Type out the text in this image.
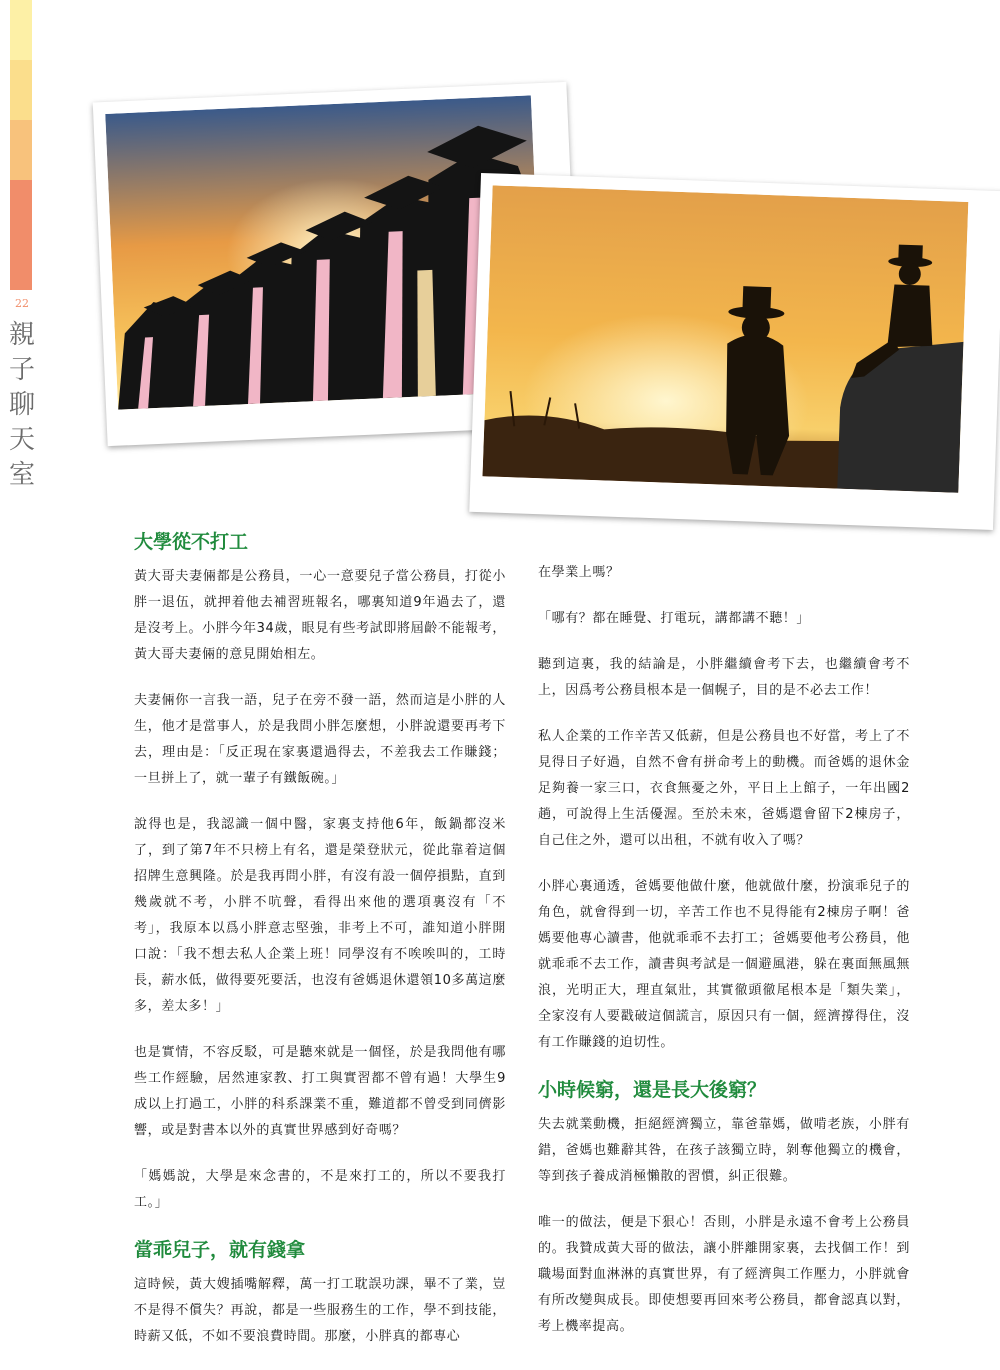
22
親子聊天室
大學從不打工

黃大哥夫妻倆都是公務員，一心一意要兒子當公務員，打從小胖一退伍，就押着他去補習班報名，哪裏知道9年過去了，還是沒考上。小胖今年34歲，眼見有些考試即將屆齡不能報考，黃大哥夫妻倆的意見開始相左。

夫妻倆你一言我一語，兒子在旁不發一語，然而這是小胖的人生，他才是當事人，於是我問小胖怎麼想，小胖說還要再考下去，理由是：「反正現在家裏還過得去，不差我去工作賺錢；一旦拼上了，就一輩子有鐵飯碗。」

說得也是，我認識一個中醫，家裏支持他6年，飯鍋都沒米了，到了第7年不只榜上有名，還是榮登狀元，從此靠着這個招牌生意興隆。於是我再問小胖，有沒有設一個停損點，直到幾歲就不考，小胖不吭聲，看得出來他的選項裏沒有「不考」，我原本以爲小胖意志堅強，非考上不可，誰知道小胖開口說：「我不想去私人企業上班！同學沒有不唉唉叫的，工時長，薪水低，做得要死要活，也沒有爸媽退休還領10多萬這麼多，差太多！」

也是實情，不容反駁，可是聽來就是一個怪，於是我問他有哪些工作經驗，居然連家教、打工與實習都不曾有過！大學生9成以上打過工，小胖的科系課業不重，難道都不曾受到同儕影響，或是對書本以外的真實世界感到好奇嗎？

「媽媽說，大學是來念書的，不是來打工的，所以不要我打工。」

當乖兒子，就有錢拿

這時候，黃大嫂插嘴解釋，萬一打工耽誤功課，畢不了業，豈不是得不償失？再說，都是一些服務生的工作，學不到技能，時薪又低，不如不要浪費時間。那麼，小胖真的都專心

在學業上嗎？

「哪有？都在睡覺、打電玩，講都講不聽！」

聽到這裏，我的結論是，小胖繼續會考下去，也繼續會考不上，因爲考公務員根本是一個幌子，目的是不必去工作！

私人企業的工作辛苦又低薪，但是公務員也不好當，考上了不見得日子好過，自然不會有拼命考上的動機。而爸媽的退休金足夠養一家三口，衣食無憂之外，平日上上館子，一年出國2趟，可說得上生活優渥。至於未來，爸媽還會留下2棟房子，自己住之外，還可以出租，不就有收入了嗎？

小胖心裏通透，爸媽要他做什麼，他就做什麼，扮演乖兒子的角色，就會得到一切，辛苦工作也不見得能有2棟房子啊！爸媽要他專心讀書，他就乖乖不去打工；爸媽要他考公務員，他就乖乖不去工作，讀書與考試是一個避風港，躲在裏面無風無浪，光明正大，理直氣壯，其實徹頭徹尾根本是「類失業」，全家沒有人要戳破這個謊言，原因只有一個，經濟撐得住，沒有工作賺錢的迫切性。

小時候窮，還是長大後窮？

失去就業動機，拒絕經濟獨立，靠爸靠媽，做啃老族，小胖有錯，爸媽也難辭其咎，在孩子該獨立時，剝奪他獨立的機會，等到孩子養成消極懶散的習慣，糾正很難。

唯一的做法，便是下狠心！否則，小胖是永遠不會考上公務員的。我贊成黃大哥的做法，讓小胖離開家裏，去找個工作！到職場面對血淋淋的真實世界，有了經濟與工作壓力，小胖就會有所改變與成長。即使想要再回來考公務員，都會認真以對，考上機率提高。
